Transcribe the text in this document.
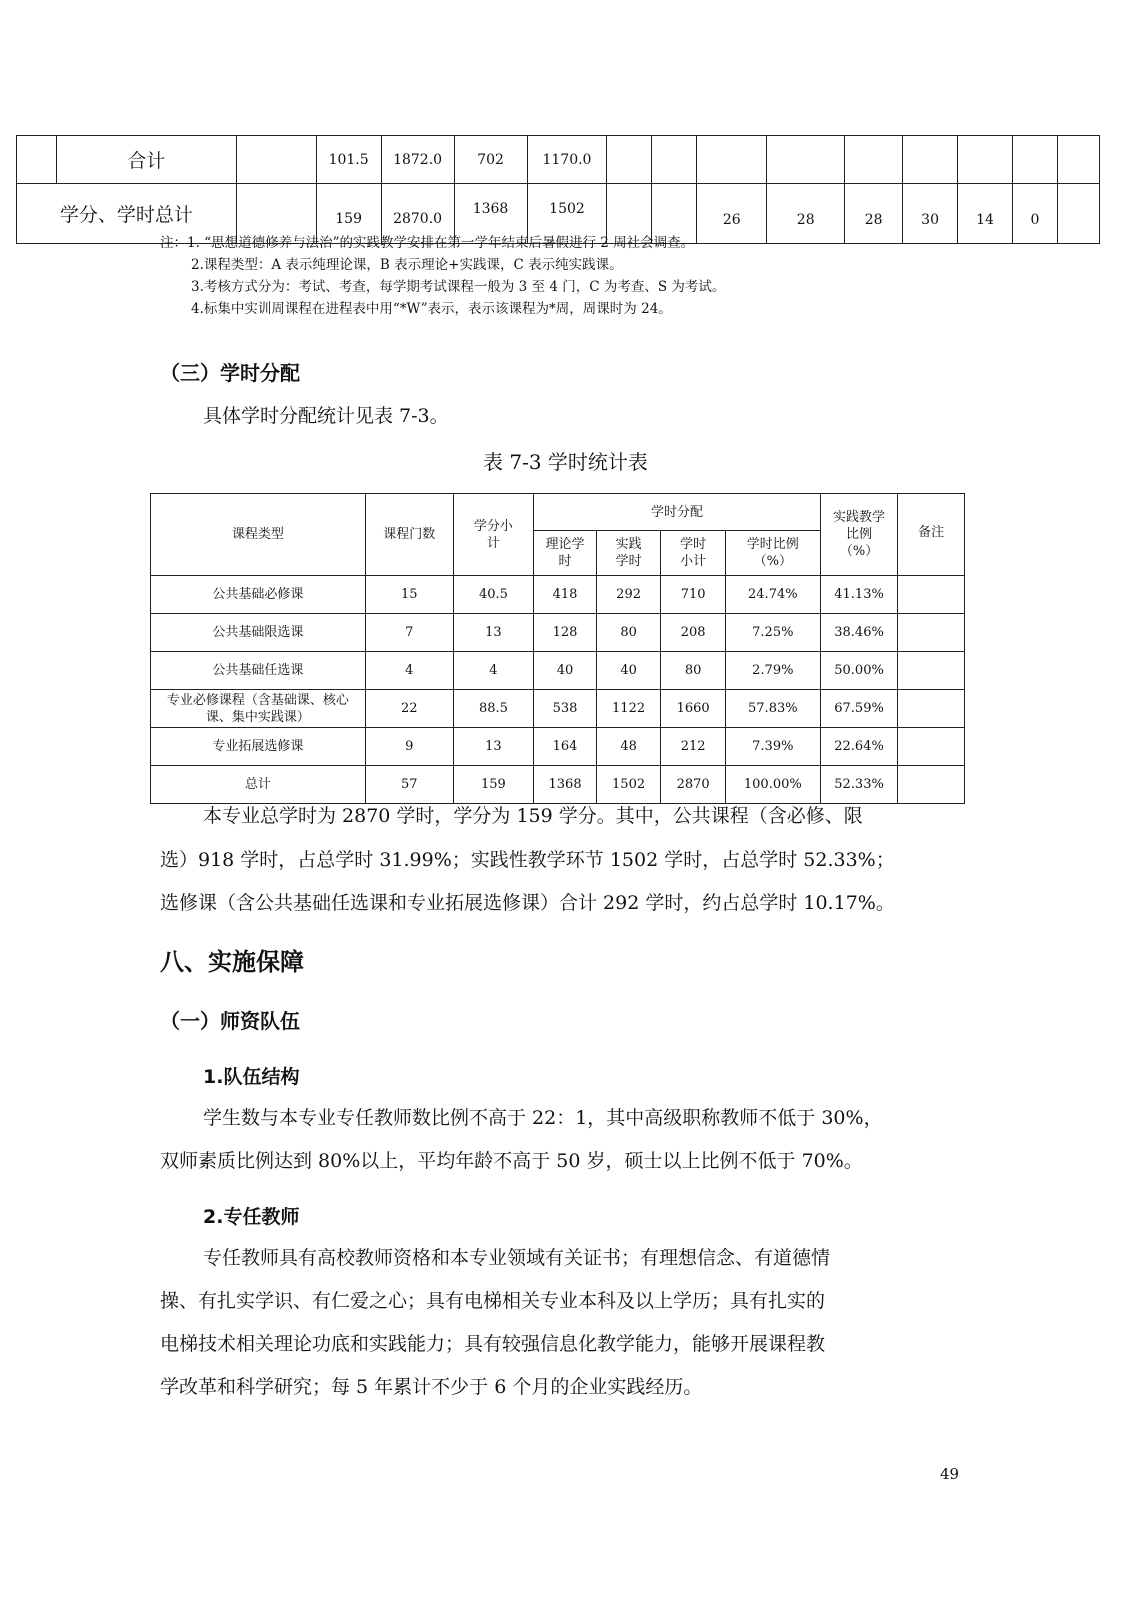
	合计		101.5	1872.0	702	1170.0									
学分、学时总计			159	2870.0	1368	1502			26	28	28	30	14	0	
注：1. “思想道德修养与法治”的实践教学安排在第一学年结束后暑假进行 2 周社会调查。
2.课程类型：A 表示纯理论课，B 表示理论+实践课，C 表示纯实践课。
3.考核方式分为：考试、考查，每学期考试课程一般为 3 至 4 门，C 为考查、S 为考试。
4.标集中实训周课程在进程表中用“*W”表示，表示该课程为*周，周课时为 24。
（三）学时分配
具体学时分配统计见表 7-3。
表 7-3 学时统计表
课程类型	课程门数	学分小计	学时分配				实践教学比例（%）	备注
			理论学时	实践学时	学时小计	学时比例（%）		
公共基础必修课	15	40.5	418	292	710	24.74%	41.13%	
公共基础限选课	7	13	128	80	208	7.25%	38.46%	
公共基础任选课	4	4	40	40	80	2.79%	50.00%	
专业必修课程（含基础课、核心课、集中实践课）	22	88.5	538	1122	1660	57.83%	67.59%	
专业拓展选修课	9	13	164	48	212	7.39%	22.64%	
总计	57	159	1368	1502	2870	100.00%	52.33%	
本专业总学时为 2870 学时，学分为 159 学分。其中，公共课程（含必修、限
选）918 学时，占总学时 31.99%；实践性教学环节 1502 学时，占总学时 52.33%；
选修课（含公共基础任选课和专业拓展选修课）合计 292 学时，约占总学时 10.17%。
八、实施保障
（一）师资队伍
1.队伍结构
学生数与本专业专任教师数比例不高于 22：1，其中高级职称教师不低于 30%，
双师素质比例达到 80%以上，平均年龄不高于 50 岁，硕士以上比例不低于 70%。
2.专任教师
专任教师具有高校教师资格和本专业领域有关证书；有理想信念、有道德情
操、有扎实学识、有仁爱之心；具有电梯相关专业本科及以上学历；具有扎实的
电梯技术相关理论功底和实践能力；具有较强信息化教学能力，能够开展课程教
学改革和科学研究；每 5 年累计不少于 6 个月的企业实践经历。
49
